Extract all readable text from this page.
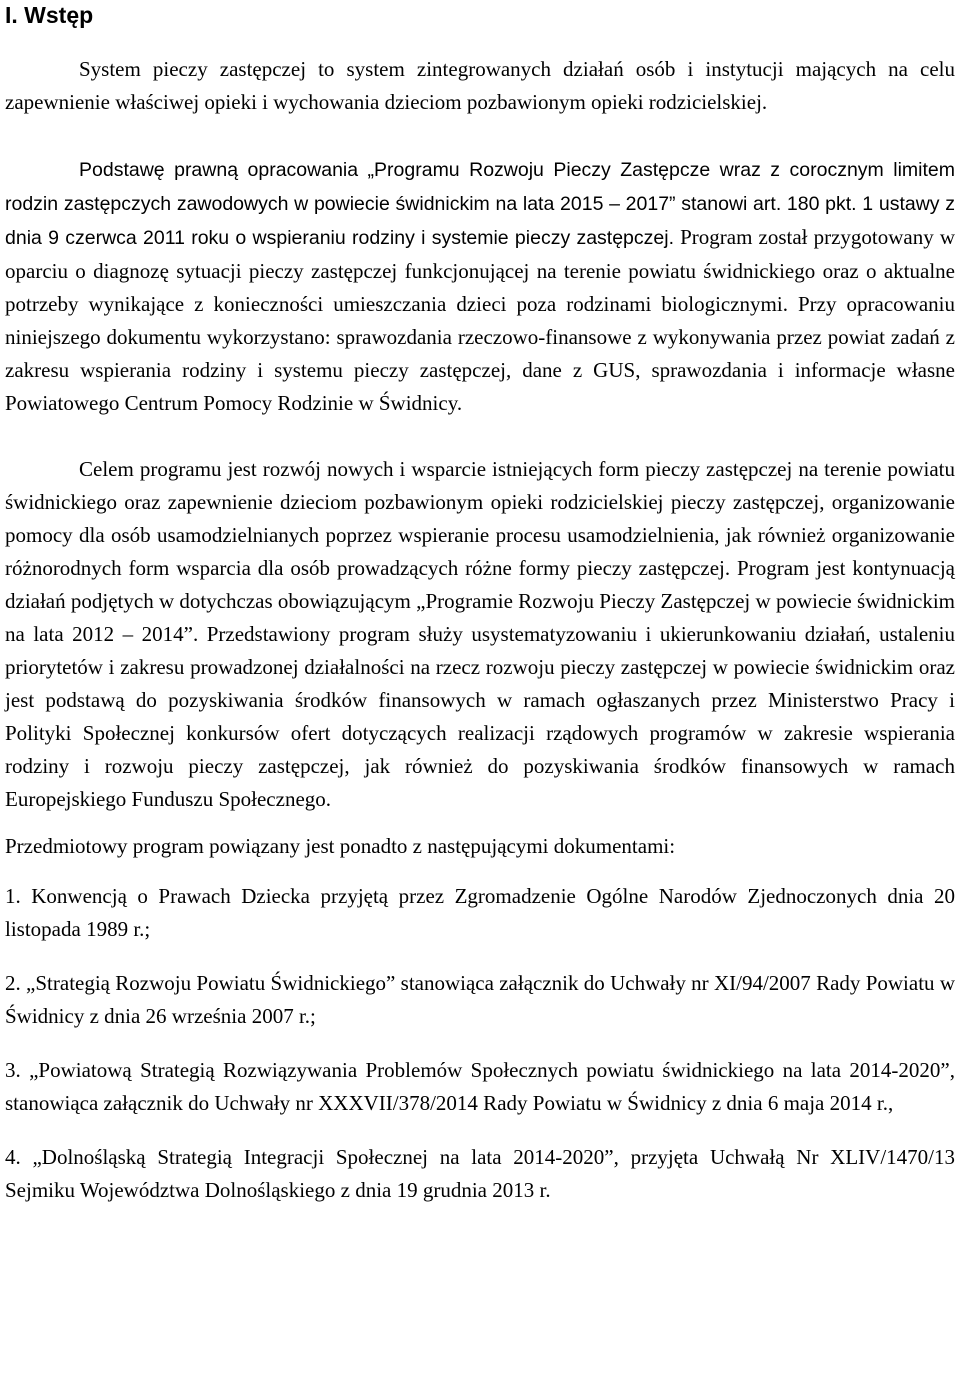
I. Wstęp

System pieczy zastępczej to system zintegrowanych działań osób i instytucji mających na celu zapewnienie właściwej opieki i wychowania dzieciom pozbawionym opieki rodzicielskiej.

Podstawę prawną opracowania „Programu Rozwoju Pieczy Zastępcze wraz z corocznym limitem rodzin zastępczych zawodowych w powiecie świdnickim na lata 2015 – 2017” stanowi art. 180 pkt. 1 ustawy z dnia 9 czerwca 2011 roku o wspieraniu rodziny i systemie pieczy zastępczej. Program został przygotowany w oparciu o diagnozę sytuacji pieczy zastępczej funkcjonującej na terenie powiatu świdnickiego oraz o aktualne potrzeby wynikające z konieczności umieszczania dzieci poza rodzinami biologicznymi. Przy opracowaniu niniejszego dokumentu wykorzystano: sprawozdania rzeczowo-finansowe z wykonywania przez powiat zadań z zakresu wspierania rodziny i systemu pieczy zastępczej, dane z GUS, sprawozdania i informacje własne Powiatowego Centrum Pomocy Rodzinie w Świdnicy.

Celem programu jest rozwój nowych i wsparcie istniejących form pieczy zastępczej na terenie powiatu świdnickiego oraz zapewnienie dzieciom pozbawionym opieki rodzicielskiej pieczy zastępczej, organizowanie pomocy dla osób usamodzielnianych poprzez wspieranie procesu usamodzielnienia, jak również organizowanie różnorodnych form wsparcia dla osób prowadzących różne formy pieczy zastępczej. Program jest kontynuacją działań podjętych w dotychczas obowiązującym „Programie Rozwoju Pieczy Zastępczej w powiecie świdnickim na lata 2012 – 2014”. Przedstawiony program służy usystematyzowaniu i ukierunkowaniu działań, ustaleniu priorytetów i zakresu prowadzonej działalności na rzecz rozwoju pieczy zastępczej w powiecie świdnickim oraz jest podstawą do pozyskiwania środków finansowych w ramach ogłaszanych przez Ministerstwo Pracy i Polityki Społecznej konkursów ofert dotyczących realizacji rządowych programów w zakresie wspierania rodziny i rozwoju pieczy zastępczej, jak również do pozyskiwania środków finansowych w ramach Europejskiego Funduszu Społecznego.

Przedmiotowy program powiązany jest ponadto z następującymi dokumentami:

1. Konwencją o Prawach Dziecka przyjętą przez Zgromadzenie Ogólne Narodów Zjednoczonych dnia 20 listopada 1989 r.;

2. „Strategią Rozwoju Powiatu Świdnickiego” stanowiąca załącznik do Uchwały nr XI/94/2007 Rady Powiatu w Świdnicy z dnia 26 września 2007 r.;

3. „Powiatową Strategią Rozwiązywania Problemów Społecznych powiatu świdnickiego na lata 2014-2020”, stanowiąca załącznik do Uchwały nr XXXVII/378/2014 Rady Powiatu w Świdnicy z dnia 6 maja 2014 r.,

4. „Dolnośląską Strategią Integracji Społecznej na lata 2014-2020”, przyjęta Uchwałą Nr XLIV/1470/13 Sejmiku Województwa Dolnośląskiego z dnia 19 grudnia 2013 r.
